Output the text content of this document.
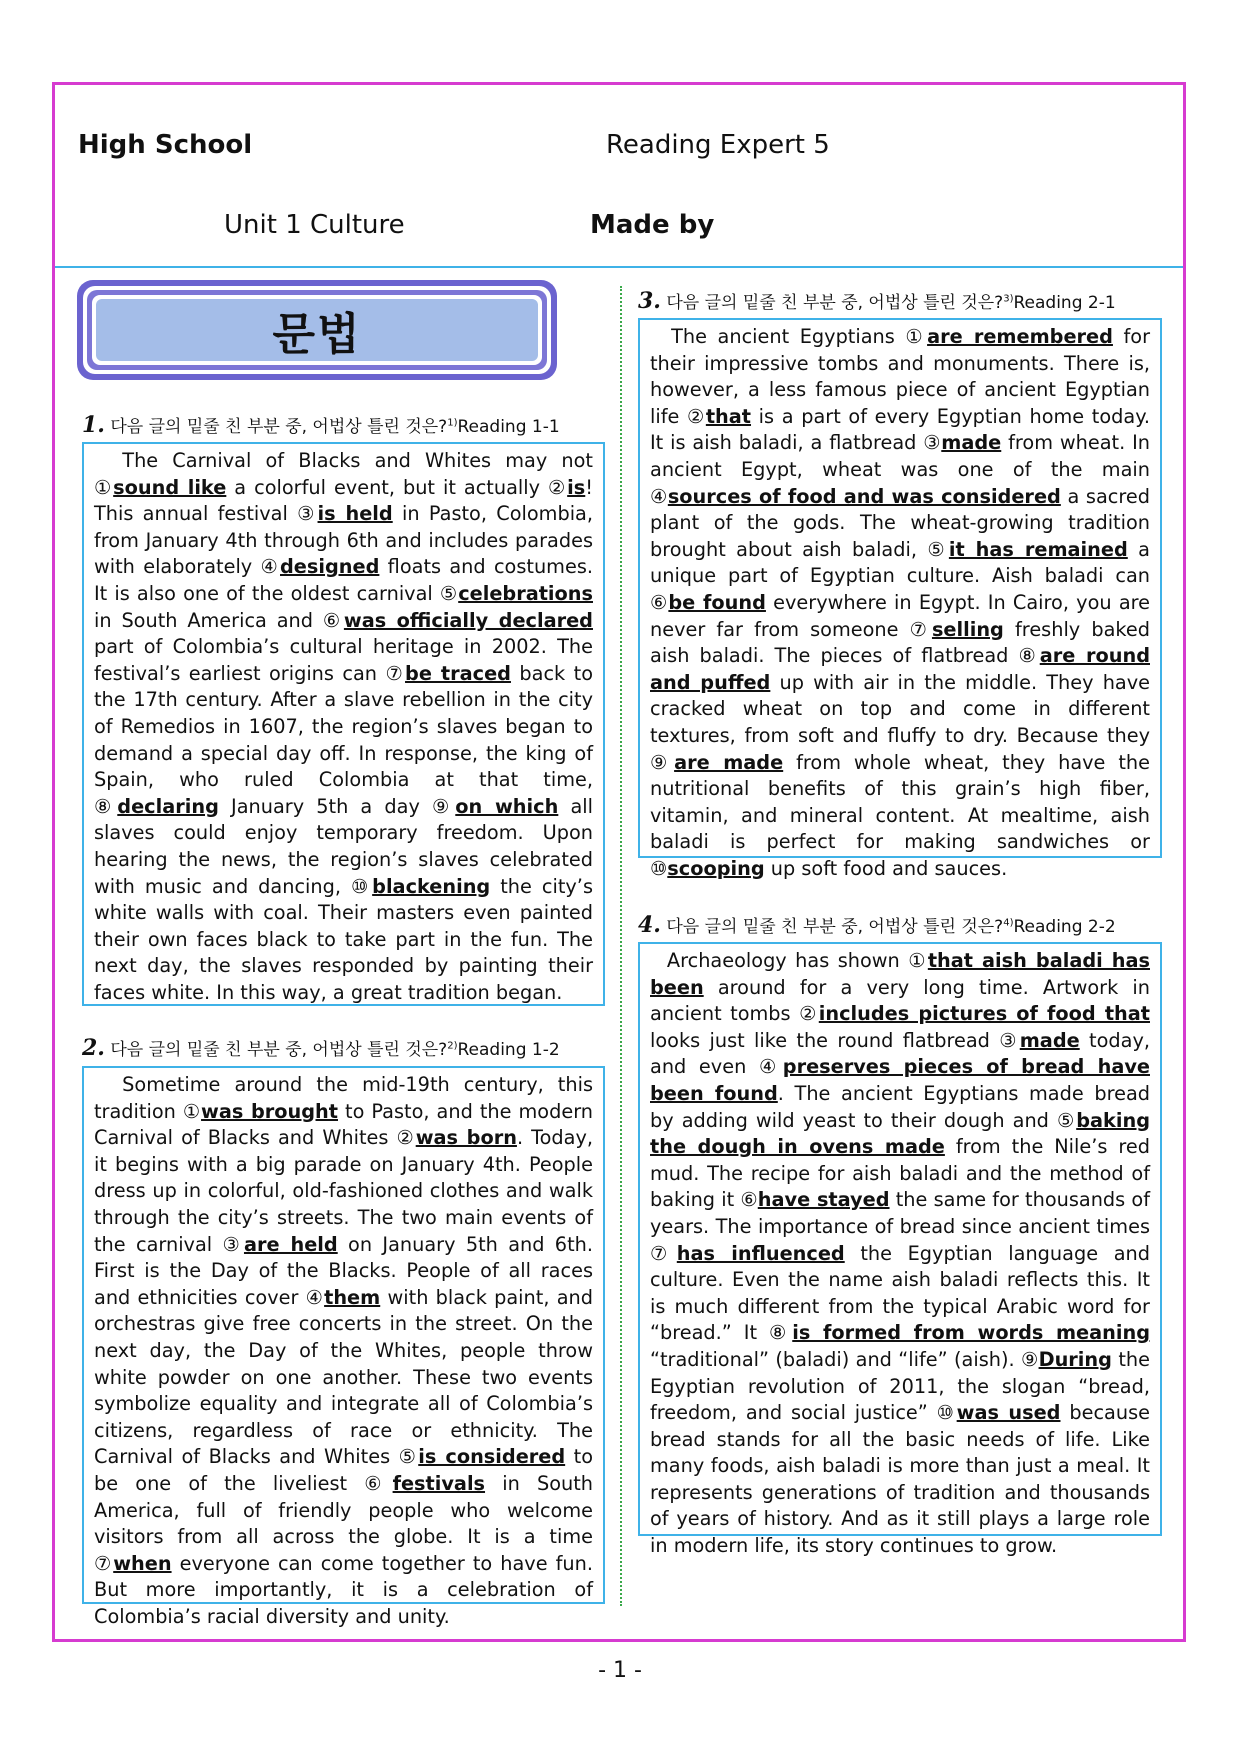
High School	Reading Expert 5
Unit 1 Culture	Made by
문법
1. 다음 글의 밑줄 친 부분 중, 어법상 틀린 것은?$^{1)}$Reading 1-1
The Carnival of Blacks and Whites may not ①sound like a colorful event, but it actually ②is! This annual festival ③is held in Pasto, Colombia, from January 4th through 6th and includes parades with elaborately ④designed floats and costumes. It is also one of the oldest carnival ⑤celebrations in South America and ⑥was officially declared part of Colombia’s cultural heritage in 2002. The festival’s earliest origins can ⑦be traced back to the 17th century. After a slave rebellion in the city of Remedios in 1607, the region’s slaves began to demand a special day off. In response, the king of Spain, who ruled Colombia at that time, ⑧declaring January 5th a day ⑨on which all slaves could enjoy temporary freedom. Upon hearing the news, the region’s slaves celebrated with music and dancing, ⑩blackening the city’s white walls with coal. Their masters even painted their own faces black to take part in the fun. The next day, the slaves responded by painting their faces white. In this way, a great tradition began.
2. 다음 글의 밑줄 친 부분 중, 어법상 틀린 것은?$^{2)}$Reading 1-2
Sometime around the mid-19th century, this tradition ①was brought to Pasto, and the modern Carnival of Blacks and Whites ②was born. Today, it begins with a big parade on January 4th. People dress up in colorful, old-fashioned clothes and walk through the city’s streets. The two main events of the carnival ③are held on January 5th and 6th. First is the Day of the Blacks. People of all races and ethnicities cover ④them with black paint, and orchestras give free concerts in the street. On the next day, the Day of the Whites, people throw white powder on one another. These two events symbolize equality and integrate all of Colombia’s citizens, regardless of race or ethnicity. The Carnival of Blacks and Whites ⑤is considered to be one of the liveliest ⑥festivals in South America, full of friendly people who welcome visitors from all across the globe. It is a time ⑦when everyone can come together to have fun. But more importantly, it is a celebration of Colombia’s racial diversity and unity.
3. 다음 글의 밑줄 친 부분 중, 어법상 틀린 것은?$^{3)}$Reading 2-1
The ancient Egyptians ①are remembered for their impressive tombs and monuments. There is, however, a less famous piece of ancient Egyptian life ②that is a part of every Egyptian home today. It is aish baladi, a flatbread ③made from wheat. In ancient Egypt, wheat was one of the main ④sources of food and was considered a sacred plant of the gods. The wheat-growing tradition brought about aish baladi, ⑤it has remained a unique part of Egyptian culture. Aish baladi can ⑥be found everywhere in Egypt. In Cairo, you are never far from someone ⑦selling freshly baked aish baladi. The pieces of flatbread ⑧are round and puffed up with air in the middle. They have cracked wheat on top and come in different textures, from soft and fluffy to dry. Because they ⑨are made from whole wheat, they have the nutritional benefits of this grain’s high fiber, vitamin, and mineral content. At mealtime, aish baladi is perfect for making sandwiches or ⑩scooping up soft food and sauces.
4. 다음 글의 밑줄 친 부분 중, 어법상 틀린 것은?$^{4)}$Reading 2-2
Archaeology has shown ①that aish baladi has been around for a very long time. Artwork in ancient tombs ②includes pictures of food that looks just like the round flatbread ③made today, and even ④preserves pieces of bread have been found. The ancient Egyptians made bread by adding wild yeast to their dough and ⑤baking the dough in ovens made from the Nile’s red mud. The recipe for aish baladi and the method of baking it ⑥have stayed the same for thousands of years. The importance of bread since ancient times ⑦has influenced the Egyptian language and culture. Even the name aish baladi reflects this. It is much different from the typical Arabic word for “bread.” It ⑧is formed from words meaning “traditional” (baladi) and “life” (aish). ⑨During the Egyptian revolution of 2011, the slogan “bread, freedom, and social justice” ⑩was used because bread stands for all the basic needs of life. Like many foods, aish baladi is more than just a meal. It represents generations of tradition and thousands of years of history. And as it still plays a large role in modern life, its story continues to grow.
- 1 -
